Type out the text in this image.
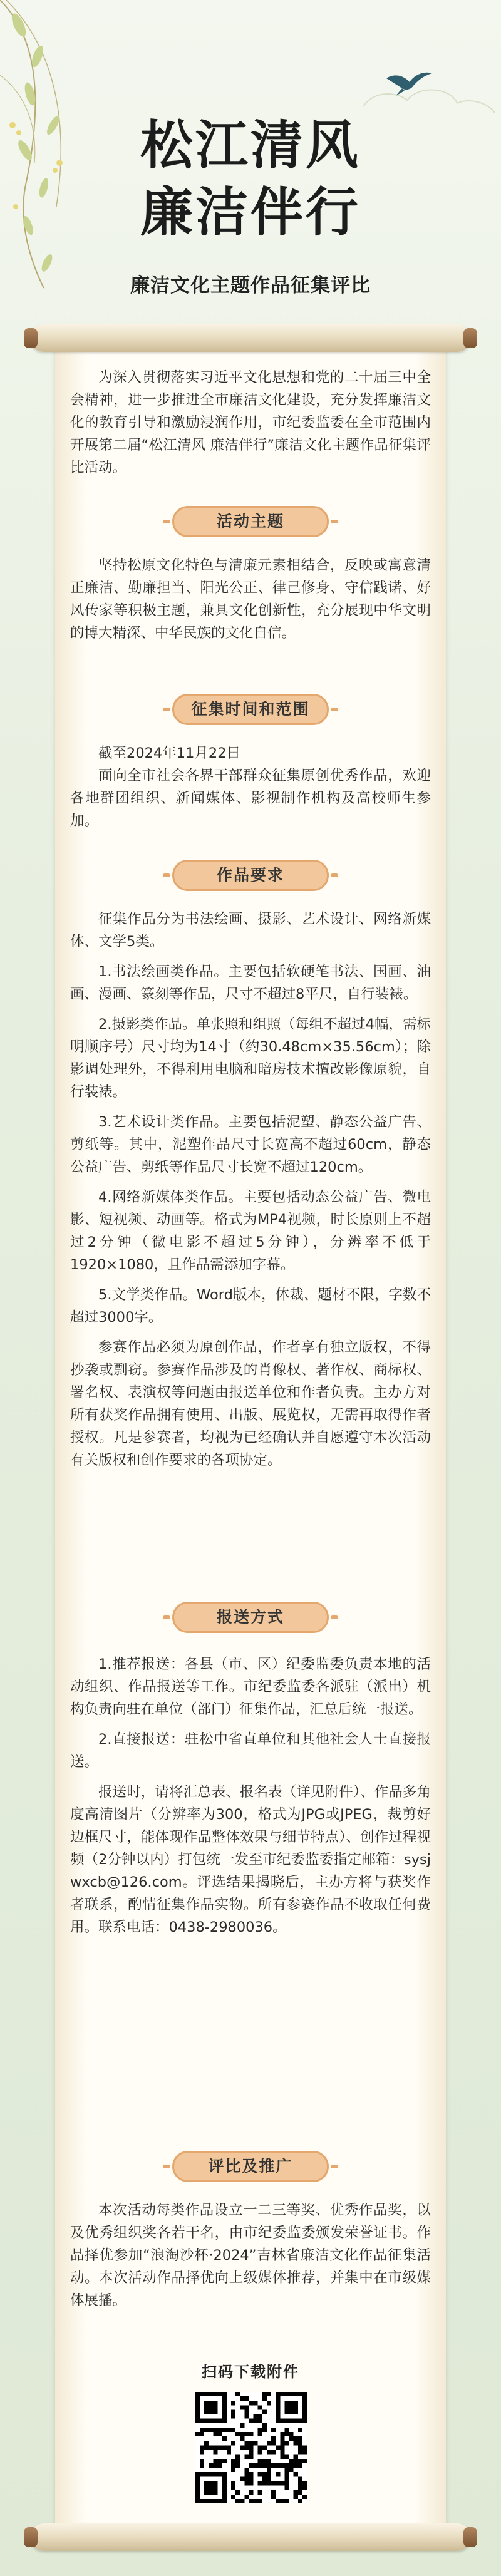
松江清风
廉洁伴行
廉洁文化主题作品征集评比

为深入贯彻落实习近平文化思想和党的二十届三中全会精神，进一步推进全市廉洁文化建设，充分发挥廉洁文化的教育引导和激励浸润作用，市纪委监委在全市范围内开展第二届“松江清风 廉洁伴行”廉洁文化主题作品征集评比活动。

活动主题

坚持松原文化特色与清廉元素相结合，反映或寓意清正廉洁、勤廉担当、阳光公正、律己修身、守信践诺、好风传家等积极主题，兼具文化创新性，充分展现中华文明的博大精深、中华民族的文化自信。

征集时间和范围

截至2024年11月22日

面向全市社会各界干部群众征集原创优秀作品，欢迎各地群团组织、新闻媒体、影视制作机构及高校师生参加。

作品要求

征集作品分为书法绘画、摄影、艺术设计、网络新媒体、文学5类。

1.书法绘画类作品。主要包括软硬笔书法、国画、油画、漫画、篆刻等作品，尺寸不超过8平尺，自行装裱。

2.摄影类作品。单张照和组照（每组不超过4幅，需标明顺序号）尺寸均为14寸（约30.48cm×35.56cm）；除影调处理外，不得利用电脑和暗房技术擅改影像原貌，自行装裱。

3.艺术设计类作品。主要包括泥塑、静态公益广告、剪纸等。其中，泥塑作品尺寸长宽高不超过60cm，静态公益广告、剪纸等作品尺寸长宽不超过120cm。

4.网络新媒体类作品。主要包括动态公益广告、微电影、短视频、动画等。格式为MP4视频，时长原则上不超过2分钟（微电影不超过5分钟），分辨率不低于1920×1080，且作品需添加字幕。

5.文学类作品。Word版本，体裁、题材不限，字数不超过3000字。

参赛作品必须为原创作品，作者享有独立版权，不得抄袭或剽窃。参赛作品涉及的肖像权、著作权、商标权、署名权、表演权等问题由报送单位和作者负责。主办方对所有获奖作品拥有使用、出版、展览权，无需再取得作者授权。凡是参赛者，均视为已经确认并自愿遵守本次活动有关版权和创作要求的各项协定。

报送方式

1.推荐报送：各县（市、区）纪委监委负责本地的活动组织、作品报送等工作。市纪委监委各派驻（派出）机构负责向驻在单位（部门）征集作品，汇总后统一报送。

2.直接报送：驻松中省直单位和其他社会人士直接报送。

报送时，请将汇总表、报名表（详见附件）、作品多角度高清图片（分辨率为300，格式为JPG或JPEG，裁剪好边框尺寸，能体现作品整体效果与细节特点）、创作过程视频（2分钟以内）打包统一发至市纪委监委指定邮箱：sysjwxcb@126.com。评选结果揭晓后，主办方将与获奖作者联系，酌情征集作品实物。所有参赛作品不收取任何费用。联系电话：0438-2980036。

评比及推广

本次活动每类作品设立一二三等奖、优秀作品奖，以及优秀组织奖各若干名，由市纪委监委颁发荣誉证书。作品择优参加“浪淘沙杯·2024”吉林省廉洁文化作品征集活动。本次活动作品择优向上级媒体推荐，并集中在市级媒体展播。

扫码下载附件
